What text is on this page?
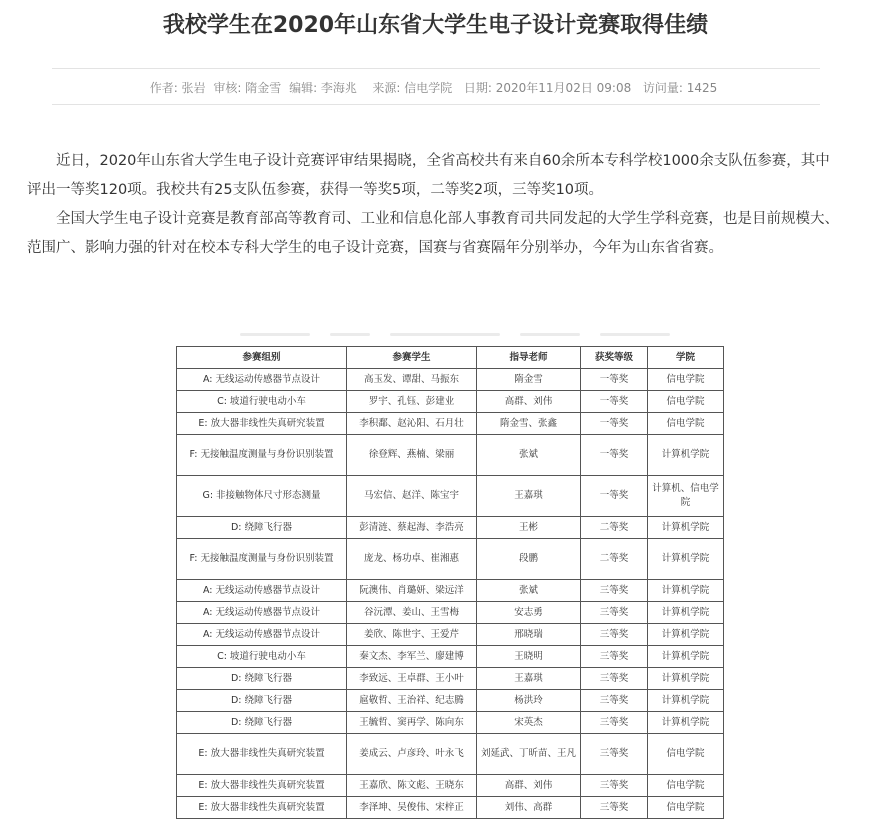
我校学生在2020年山东省大学生电子设计竞赛取得佳绩
作者: 张岩 审核: 隋金雪 编辑: 李海兆 来源: 信电学院 日期: 2020年11月02日 09:08 访问量: 1425

近日，2020年山东省大学生电子设计竞赛评审结果揭晓，全省高校共有来自60余所本专科学校1000余支队伍参赛，其中评出一等奖120项。我校共有25支队伍参赛，获得一等奖5项，二等奖2项，三等奖10项。

全国大学生电子设计竞赛是教育部高等教育司、工业和信息化部人事教育司共同发起的大学生学科竞赛，也是目前规模大、范围广、影响力强的针对在校本专科大学生的电子设计竞赛，国赛与省赛隔年分别举办，今年为山东省省赛。

参赛组别	参赛学生	指导老师	获奖等级	学院
A: 无线运动传感器节点设计	高玉发、谭甜、马振东	隋金雪	一等奖	信电学院
C: 坡道行驶电动小车	罗宇、孔钰、彭建业	高群、刘伟	一等奖	信电学院
E: 放大器非线性失真研究装置	李积鄱、赵沁阳、石月壮	隋金雪、张鑫	一等奖	信电学院
F: 无接触温度测量与身份识别装置	徐登辉、燕楠、梁丽	张斌	一等奖	计算机学院
G: 非接触物体尺寸形态测量	马宏信、赵洋、陈宝宇	王嘉琪	一等奖	计算机、信电学院
D: 绕障飞行器	彭清涟、蔡起海、李浩亮	王彬	二等奖	计算机学院
F: 无接触温度测量与身份识别装置	庞龙、杨功卓、崔湘惠	段鹏	二等奖	计算机学院
A: 无线运动传感器节点设计	阮澳伟、肖璐妍、梁远洋	张斌	三等奖	计算机学院
A: 无线运动传感器节点设计	谷沅潭、姜山、王雪梅	安志勇	三等奖	计算机学院
A: 无线运动传感器节点设计	姜欣、陈世宇、王爱芹	邢晓瑞	三等奖	计算机学院
C: 坡道行驶电动小车	秦文杰、李军兰、廖建博	王晓明	三等奖	计算机学院
D: 绕障飞行器	李致远、王卓群、王小叶	王嘉琪	三等奖	计算机学院
D: 绕障飞行器	扈敬哲、王治祥、纪志腾	杨洪玲	三等奖	计算机学院
D: 绕障飞行器	王毓哲、窦再学、陈向东	宋英杰	三等奖	计算机学院
E: 放大器非线性失真研究装置	姜成云、卢彦玲、叶永飞	刘延武、丁昕苗、王凡	三等奖	信电学院
E: 放大器非线性失真研究装置	王嘉欣、陈文彪、王晓东	高群、刘伟	三等奖	信电学院
E: 放大器非线性失真研究装置	李泽坤、吴俊伟、宋梓正	刘伟、高群	三等奖	信电学院
